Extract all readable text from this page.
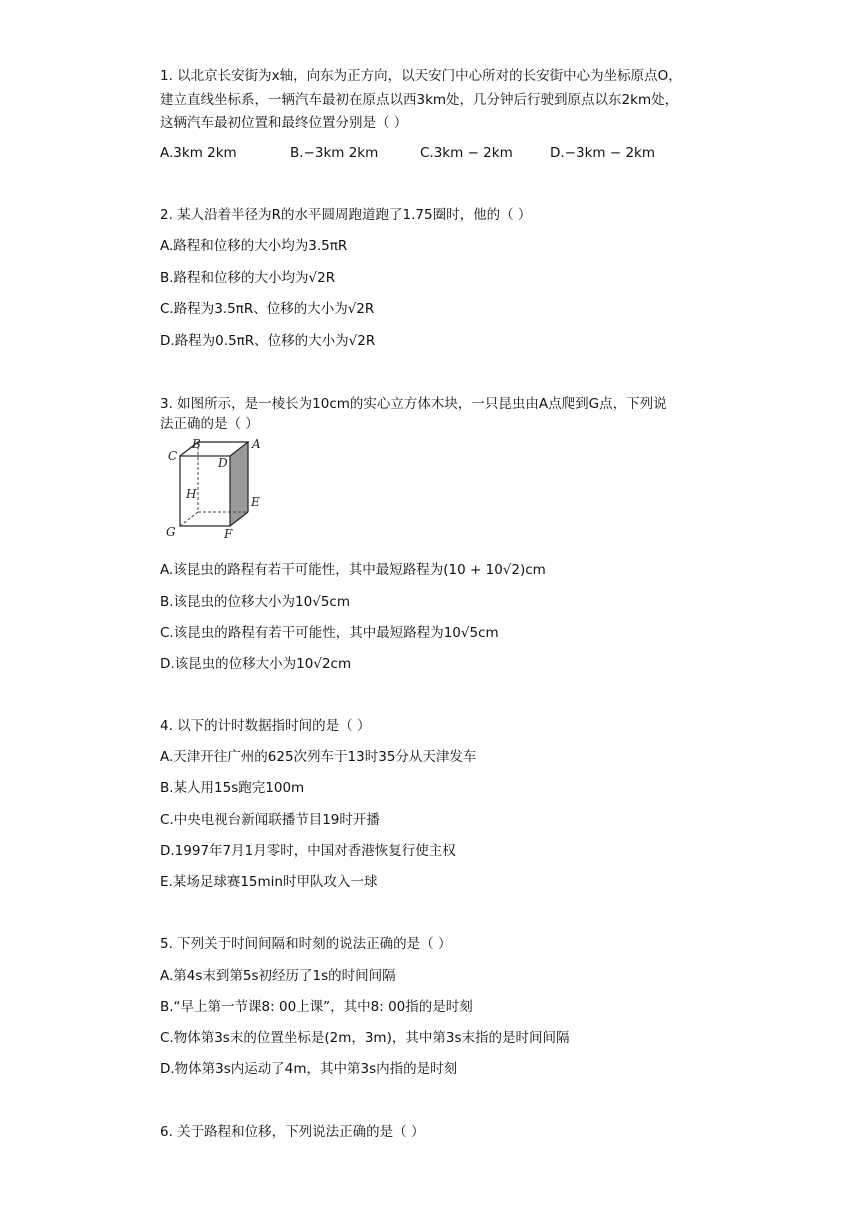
1. 以北京长安街为x轴，向东为正方向，以天安门中心所对的长安街中心为坐标原点O，
建立直线坐标系，一辆汽车最初在原点以西3km处，几分钟后行驶到原点以东2km处，
这辆汽车最初位置和最终位置分别是（ ）
A.3km 2km	B.−3km 2km	C.3km − 2km	D.−3km − 2km
2. 某人沿着半径为R的水平圆周跑道跑了1.75圈时，他的（ ）
A.路程和位移的大小均为3.5πR
B.路程和位移的大小均为√2R
C.路程为3.5πR、位移的大小为√2R
D.路程为0.5πR、位移的大小为√2R
3. 如图所示，是一棱长为10cm的实心立方体木块，一只昆虫由A点爬到G点，下列说
法正确的是（ ）
B	A
C	D
H
E
G	F
A.该昆虫的路程有若干可能性，其中最短路程为(10 + 10√2)cm
B.该昆虫的位移大小为10√5cm
C.该昆虫的路程有若干可能性，其中最短路程为10√5cm
D.该昆虫的位移大小为10√2cm
4. 以下的计时数据指时间的是（ ）
A.天津开往广州的625次列车于13时35分从天津发车
B.某人用15s跑完100m
C.中央电视台新闻联播节目19时开播
D.1997年7月1月零时，中国对香港恢复行使主权
E.某场足球赛15min时甲队攻入一球
5. 下列关于时间间隔和时刻的说法正确的是（ ）
A.第4s末到第5s初经历了1s的时间间隔
B.“早上第一节课8: 00上课”，其中8: 00指的是时刻
C.物体第3s末的位置坐标是(2m，3m)，其中第3s末指的是时间间隔
D.物体第3s内运动了4m，其中第3s内指的是时刻
6. 关于路程和位移，下列说法正确的是（ ）
